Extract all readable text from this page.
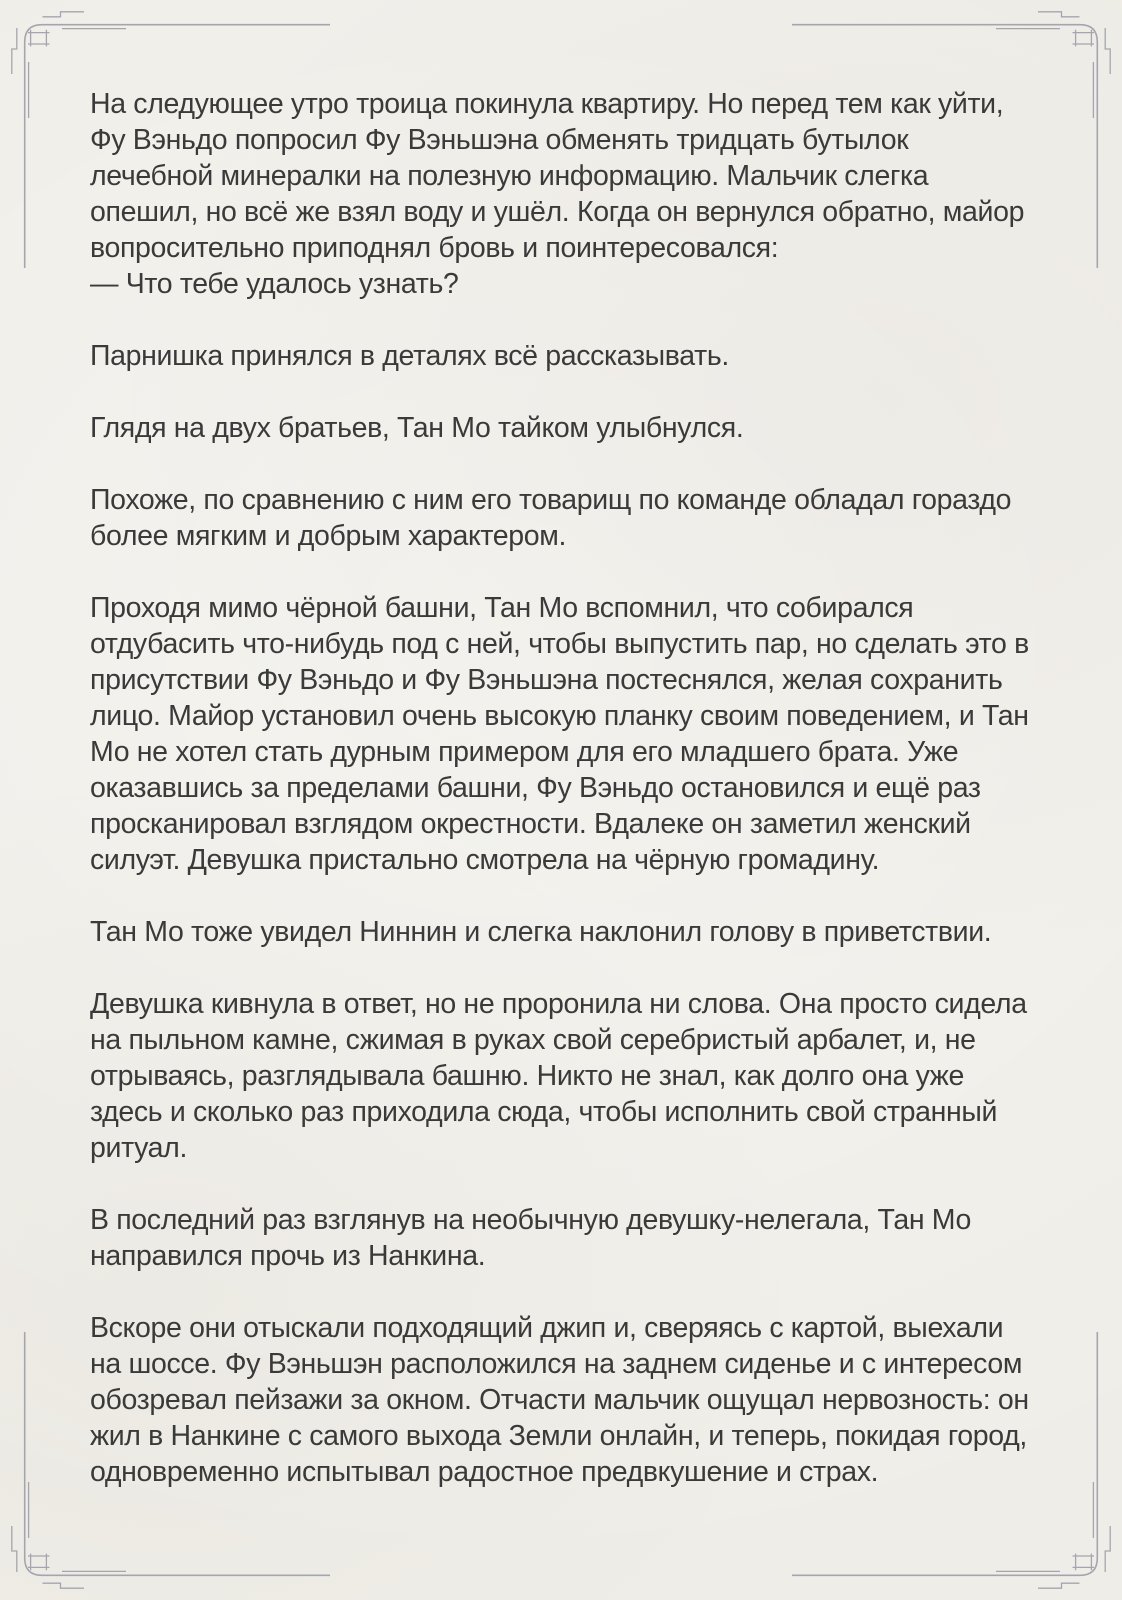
На следующее утро троица покинула квартиру. Но перед тем как уйти, Фу Вэньдо попросил Фу Вэньшэна обменять тридцать бутылок лечебной минералки на полезную информацию. Мальчик слегка опешил, но всё же взял воду и ушёл. Когда он вернулся обратно, майор вопросительно приподнял бровь и поинтересовался:
— Что тебе удалось узнать?

Парнишка принялся в деталях всё рассказывать.

Глядя на двух братьев, Тан Мо тайком улыбнулся.

Похоже, по сравнению с ним его товарищ по команде обладал гораздо более мягким и добрым характером.

Проходя мимо чёрной башни, Тан Мо вспомнил, что собирался отдубасить что-нибудь под с ней, чтобы выпустить пар, но сделать это в присутствии Фу Вэньдо и Фу Вэньшэна постеснялся, желая сохранить лицо. Майор установил очень высокую планку своим поведением, и Тан Мо не хотел стать дурным примером для его младшего брата. Уже оказавшись за пределами башни, Фу Вэньдо остановился и ещё раз просканировал взглядом окрестности. Вдалеке он заметил женский силуэт. Девушка пристально смотрела на чёрную громадину.

Тан Мо тоже увидел Ниннин и слегка наклонил голову в приветствии.

Девушка кивнула в ответ, но не проронила ни слова. Она просто сидела на пыльном камне, сжимая в руках свой серебристый арбалет, и, не отрываясь, разглядывала башню. Никто не знал, как долго она уже здесь и сколько раз приходила сюда, чтобы исполнить свой странный ритуал.

В последний раз взглянув на необычную девушку-нелегала, Тан Мо направился прочь из Нанкина.

Вскоре они отыскали подходящий джип и, сверяясь с картой, выехали на шоссе. Фу Вэньшэн расположился на заднем сиденье и с интересом обозревал пейзажи за окном. Отчасти мальчик ощущал нервозность: он жил в Нанкине с самого выхода Земли онлайн, и теперь, покидая город, одновременно испытывал радостное предвкушение и страх.
